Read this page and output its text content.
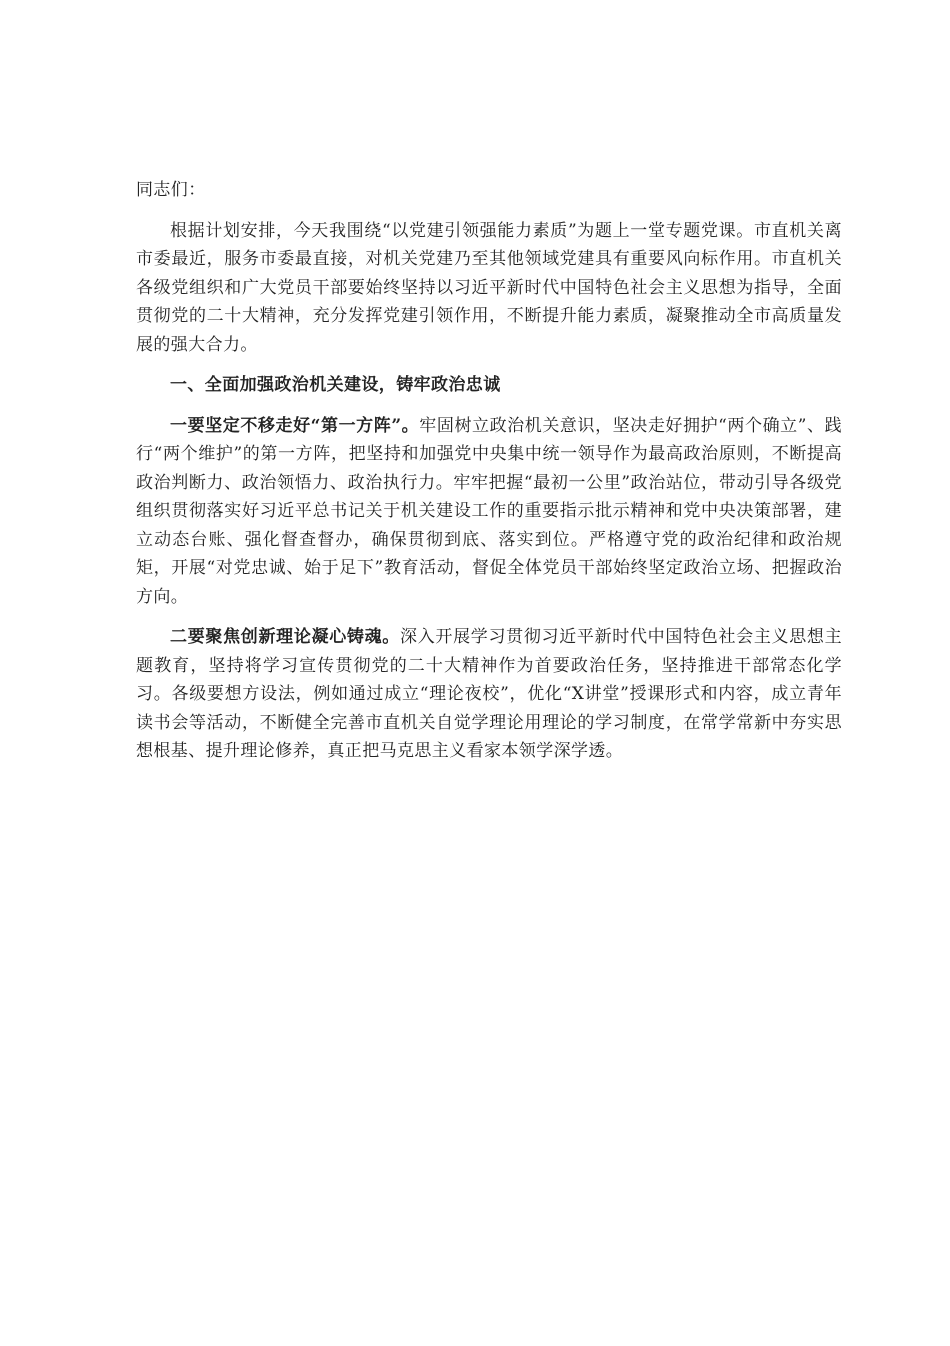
同志们：

根据计划安排，今天我围绕“以党建引领强能力素质”为题上一堂专题党课。市直机关离市委最近，服务市委最直接，对机关党建乃至其他领域党建具有重要风向标作用。市直机关各级党组织和广大党员干部要始终坚持以习近平新时代中国特色社会主义思想为指导，全面贯彻党的二十大精神，充分发挥党建引领作用，不断提升能力素质，凝聚推动全市高质量发展的强大合力。

一、全面加强政治机关建设，铸牢政治忠诚

一要坚定不移走好“第一方阵”。牢固树立政治机关意识，坚决走好拥护“两个确立”、践行“两个维护”的第一方阵，把坚持和加强党中央集中统一领导作为最高政治原则，不断提高政治判断力、政治领悟力、政治执行力。牢牢把握“最初一公里”政治站位，带动引导各级党组织贯彻落实好习近平总书记关于机关建设工作的重要指示批示精神和党中央决策部署，建立动态台账、强化督查督办，确保贯彻到底、落实到位。严格遵守党的政治纪律和政治规矩，开展“对党忠诚、始于足下”教育活动，督促全体党员干部始终坚定政治立场、把握政治方向。

二要聚焦创新理论凝心铸魂。深入开展学习贯彻习近平新时代中国特色社会主义思想主题教育，坚持将学习宣传贯彻党的二十大精神作为首要政治任务，坚持推进干部常态化学习。各级要想方设法，例如通过成立“理论夜校”，优化“X讲堂”授课形式和内容，成立青年读书会等活动，不断健全完善市直机关自觉学理论用理论的学习制度，在常学常新中夯实思想根基、提升理论修养，真正把马克思主义看家本领学深学透。
